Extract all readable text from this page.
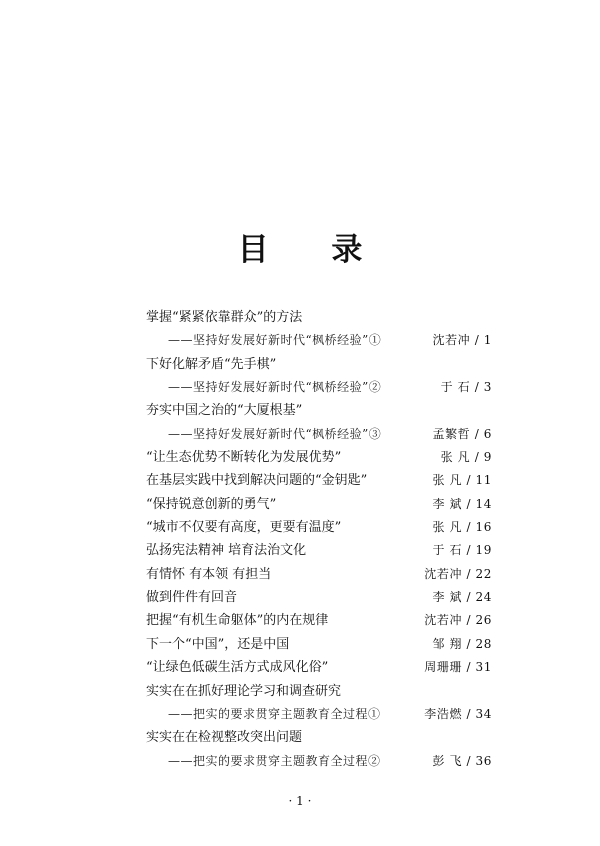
目 录
掌握“紧紧依靠群众”的方法
——坚持好发展好新时代“枫桥经验”①	沈若冲 / 1
下好化解矛盾“先手棋”
——坚持好发展好新时代“枫桥经验”②	于 石 / 3
夯实中国之治的“大厦根基”
——坚持好发展好新时代“枫桥经验”③	孟繁哲 / 6
“让生态优势不断转化为发展优势”	张 凡 / 9
在基层实践中找到解决问题的“金钥匙”	张 凡 / 11
“保持锐意创新的勇气”	李 斌 / 14
“城市不仅要有高度，更要有温度”	张 凡 / 16
弘扬宪法精神 培育法治文化	于 石 / 19
有情怀 有本领 有担当	沈若冲 / 22
做到件件有回音	李 斌 / 24
把握“有机生命躯体”的内在规律	沈若冲 / 26
下一个“中国”，还是中国	邹 翔 / 28
“让绿色低碳生活方式成风化俗”	周珊珊 / 31
实实在在抓好理论学习和调查研究
——把实的要求贯穿主题教育全过程①	李浩燃 / 34
实实在在检视整改突出问题
——把实的要求贯穿主题教育全过程②	彭 飞 / 36
· 1 ·
